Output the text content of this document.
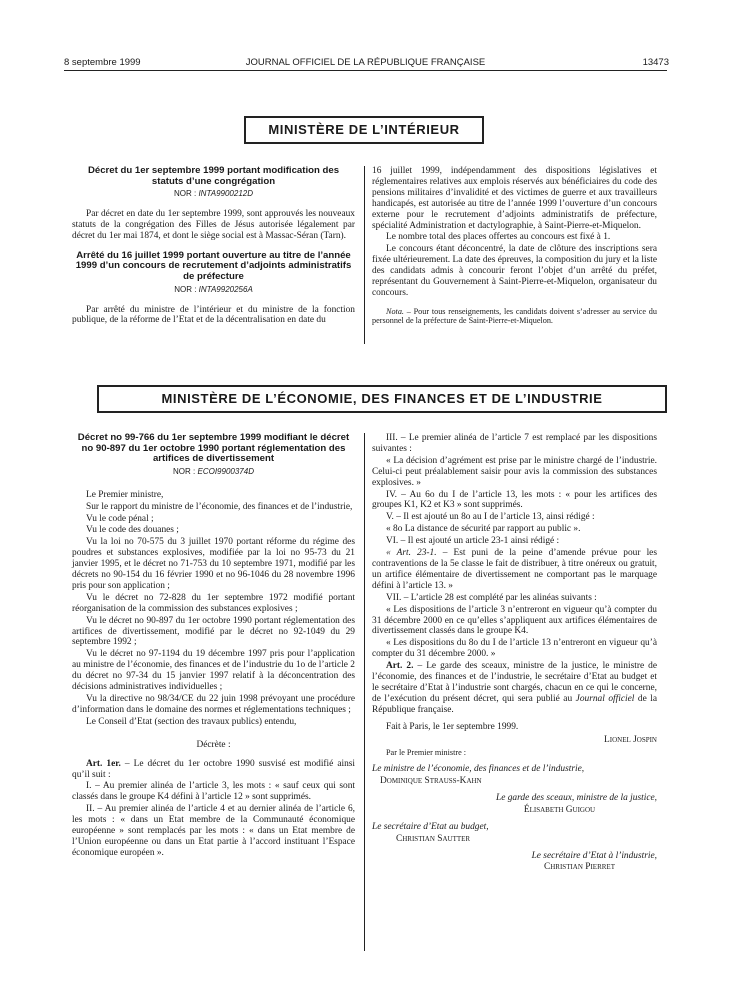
8 septembre 1999	JOURNAL OFFICIEL DE LA RÉPUBLIQUE FRANÇAISE	13473
MINISTÈRE DE L’INTÉRIEUR
Décret du 1er septembre 1999 portant modification des statuts d’une congrégation
NOR : INTA9900212D

Par décret en date du 1er septembre 1999, sont approuvés les nouveaux statuts de la congrégation des Filles de Jésus autorisée légalement par décret du 1er mai 1874, et dont le siège social est à Massac-Séran (Tarn).

Arrêté du 16 juillet 1999 portant ouverture au titre de l’année 1999 d’un concours de recrutement d’adjoints administratifs de préfecture
NOR : INTA9920256A

Par arrêté du ministre de l’intérieur et du ministre de la fonction publique, de la réforme de l’Etat et de la décentralisation en date du

16 juillet 1999, indépendamment des dispositions législatives et réglementaires relatives aux emplois réservés aux bénéficiaires du code des pensions militaires d’invalidité et des victimes de guerre et aux travailleurs handicapés, est autorisée au titre de l’année 1999 l’ouverture d’un concours externe pour le recrutement d’adjoints administratifs de préfecture, spécialité Administration et dactylographie, à Saint-Pierre-et-Miquelon.

Le nombre total des places offertes au concours est fixé à 1.

Le concours étant déconcentré, la date de clôture des inscriptions sera fixée ultérieurement. La date des épreuves, la composition du jury et la liste des candidats admis à concourir feront l’objet d’un arrêté du préfet, représentant du Gouvernement à Saint-Pierre-et-Miquelon, organisateur du concours.

Nota. – Pour tous renseignements, les candidats doivent s’adresser au service du personnel de la préfecture de Saint-Pierre-et-Miquelon.

MINISTÈRE DE L’ÉCONOMIE, DES FINANCES ET DE L’INDUSTRIE
Décret no 99-766 du 1er septembre 1999 modifiant le décret no 90-897 du 1er octobre 1990 portant réglementation des artifices de divertissement
NOR : ECOI9900374D

Le Premier ministre,

Sur le rapport du ministre de l’économie, des finances et de l’industrie,

Vu le code pénal ;

Vu le code des douanes ;

Vu la loi no 70-575 du 3 juillet 1970 portant réforme du régime des poudres et substances explosives, modifiée par la loi no 95-73 du 21 janvier 1995, et le décret no 71-753 du 10 septembre 1971, modifié par les décrets no 90-154 du 16 février 1990 et no 96-1046 du 28 novembre 1996 pris pour son application ;

Vu le décret no 72-828 du 1er septembre 1972 modifié portant réorganisation de la commission des substances explosives ;

Vu le décret no 90-897 du 1er octobre 1990 portant réglementation des artifices de divertissement, modifié par le décret no 92-1049 du 29 septembre 1992 ;

Vu le décret no 97-1194 du 19 décembre 1997 pris pour l’application au ministre de l’économie, des finances et de l’industrie du 1o de l’article 2 du décret no 97-34 du 15 janvier 1997 relatif à la déconcentration des décisions administratives individuelles ;

Vu la directive no 98/34/CE du 22 juin 1998 prévoyant une procédure d’information dans le domaine des normes et réglementations techniques ;

Le Conseil d’Etat (section des travaux publics) entendu,

Décrète :

Art. 1er. – Le décret du 1er octobre 1990 susvisé est modifié ainsi qu’il suit :

I. – Au premier alinéa de l’article 3, les mots : « sauf ceux qui sont classés dans le groupe K4 défini à l’article 12 » sont supprimés.

II. – Au premier alinéa de l’article 4 et au dernier alinéa de l’article 6, les mots : « dans un Etat membre de la Communauté économique européenne » sont remplacés par les mots : « dans un Etat membre de l’Union européenne ou dans un Etat partie à l’accord instituant l’Espace économique européen ».

III. – Le premier alinéa de l’article 7 est remplacé par les dispositions suivantes :

« La décision d’agrément est prise par le ministre chargé de l’industrie. Celui-ci peut préalablement saisir pour avis la commission des substances explosives. »

IV. – Au 6o du I de l’article 13, les mots : « pour les artifices des groupes K1, K2 et K3 » sont supprimés.

V. – Il est ajouté un 8o au I de l’article 13, ainsi rédigé :

« 8o La distance de sécurité par rapport au public ».

VI. – Il est ajouté un article 23-1 ainsi rédigé :

« Art. 23-1. – Est puni de la peine d’amende prévue pour les contraventions de la 5e classe le fait de distribuer, à titre onéreux ou gratuit, un artifice élémentaire de divertissement ne comportant pas le marquage défini à l’article 13. »

VII. – L’article 28 est complété par les alinéas suivants :

« Les dispositions de l’article 3 n’entreront en vigueur qu’à compter du 31 décembre 2000 en ce qu’elles s’appliquent aux artifices élémentaires de divertissement classés dans le groupe K4.

« Les dispositions du 8o du I de l’article 13 n’entreront en vigueur qu’à compter du 31 décembre 2000. »

Art. 2. – Le garde des sceaux, ministre de la justice, le ministre de l’économie, des finances et de l’industrie, le secrétaire d’Etat au budget et le secrétaire d’Etat à l’industrie sont chargés, chacun en ce qui le concerne, de l’exécution du présent décret, qui sera publié au Journal officiel de la République française.

Fait à Paris, le 1er septembre 1999.

Lionel Jospin

Par le Premier ministre :

Le ministre de l’économie, des finances et de l’industrie,

Dominique Strauss-Kahn

Le garde des sceaux, ministre de la justice,

Élisabeth Guigou

Le secrétaire d’Etat au budget,

Christian Sautter

Le secrétaire d’Etat à l’industrie,

Christian Pierret
